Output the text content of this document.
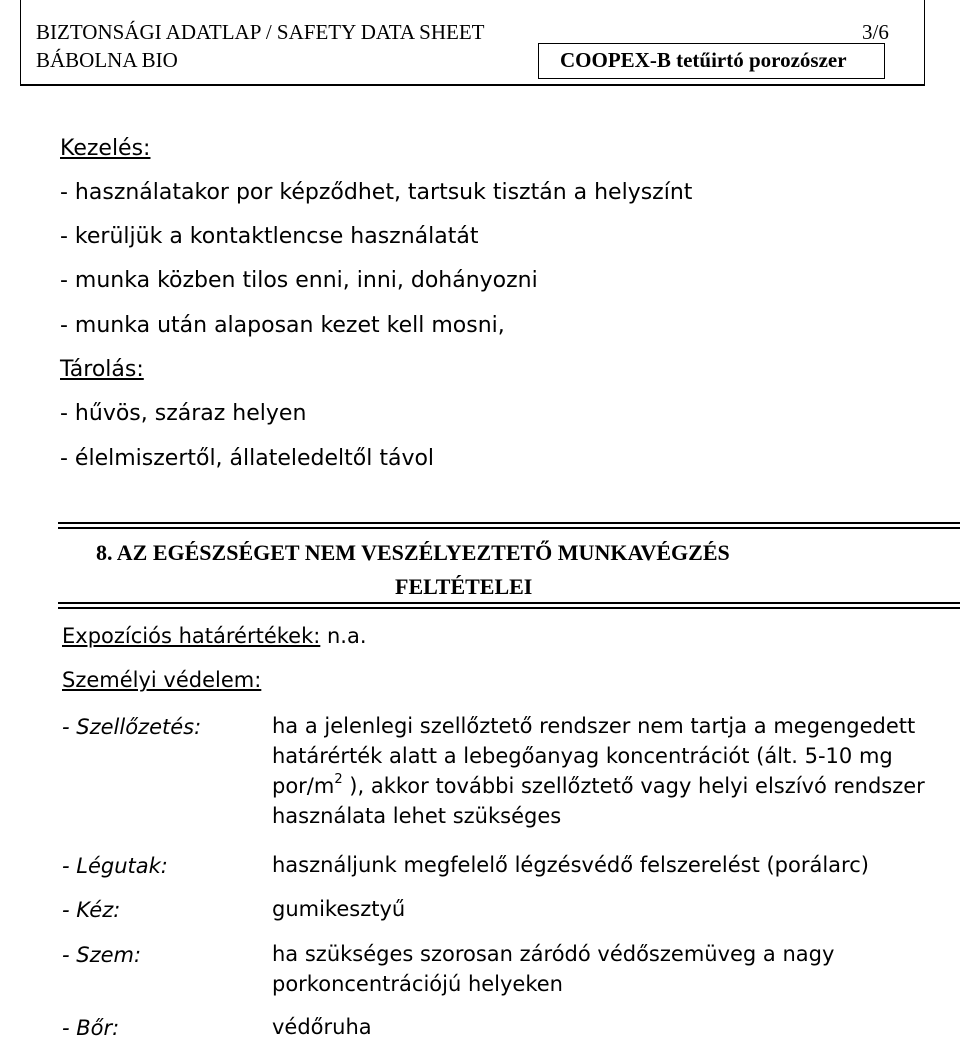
BIZTONSÁGI ADATLAP / SAFETY DATA SHEET	3/6
BÁBOLNA BIO	COOPEX-B tetűirtó porozószer
Kezelés:
- használatakor por képződhet, tartsuk tisztán a helyszínt
- kerüljük a kontaktlencse használatát
- munka közben tilos enni, inni, dohányozni
- munka után alaposan kezet kell mosni,
Tárolás:
- hűvös, száraz helyen
- élelmiszertől, állateledeltől távol
8. AZ EGÉSZSÉGET NEM VESZÉLYEZTETŐ MUNKAVÉGZÉS
FELTÉTELEI
Expozíciós határértékek: n.a.
Személyi védelem:
- Szellőzetés:	ha a jelenlegi szellőztető rendszer nem tartja a megengedett
határérték alatt a lebegőanyag koncentrációt (ált. 5-10 mg
por/$m^2$ ), akkor további szellőztető vagy helyi elszívó rendszer
használata lehet szükséges
- Légutak:	használjunk megfelelő légzésvédő felszerelést (porálarc)
- Kéz:	gumikesztyű
- Szem:	ha szükséges szorosan záródó védőszemüveg a nagy
porkoncentrációjú helyeken
- Bőr:	védőruha
